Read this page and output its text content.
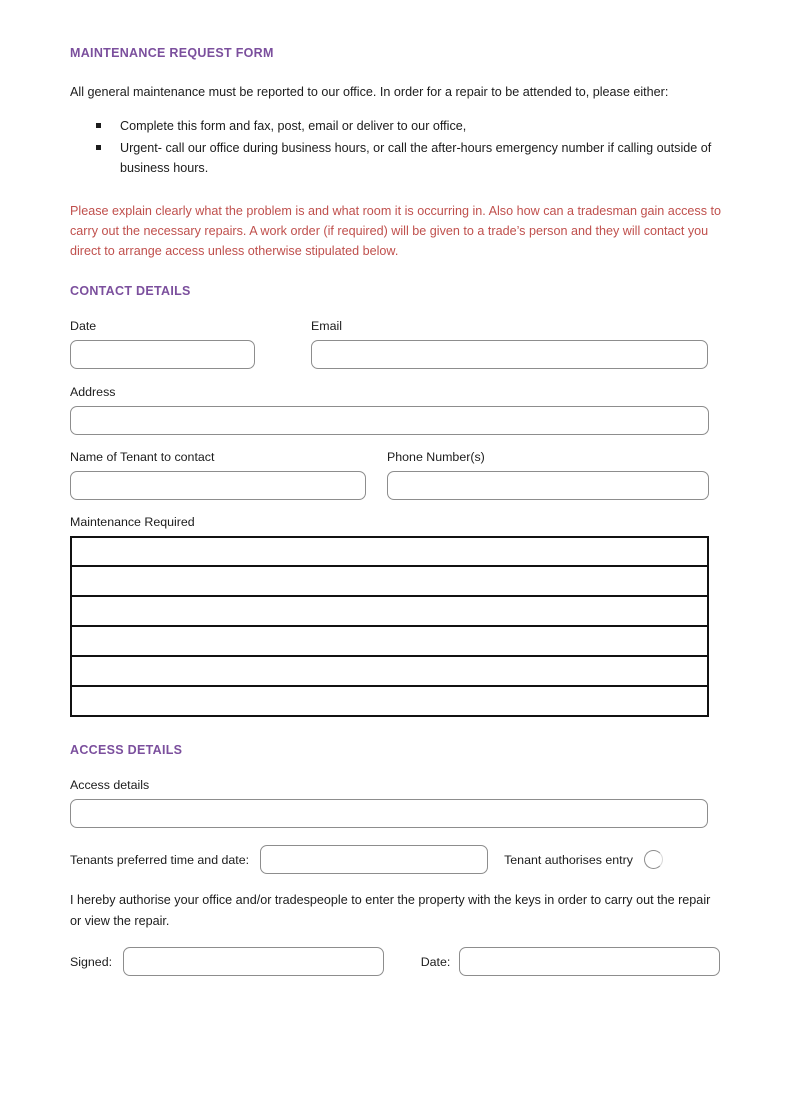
MAINTENANCE REQUEST FORM

All general maintenance must be reported to our office. In order for a repair to be attended to, please either:

Complete this form and fax, post, email or deliver to our office,
Urgent- call our office during business hours, or call the after-hours emergency number if calling outside of business hours.

Please explain clearly what the problem is and what room it is occurring in. Also how can a tradesman gain access to carry out the necessary repairs. A work order (if required) will be given to a trade’s person and they will contact you direct to arrange access unless otherwise stipulated below.

CONTACT DETAILS
Date	Email
Address
Name of Tenant to contact	Phone Number(s)
Maintenance Required
ACCESS DETAILS
Access details
Tenants preferred time and date:	Tenant authorises entry

I hereby authorise your office and/or tradespeople to enter the property with the keys in order to carry out the repair or view the repair.

Signed:	Date:
